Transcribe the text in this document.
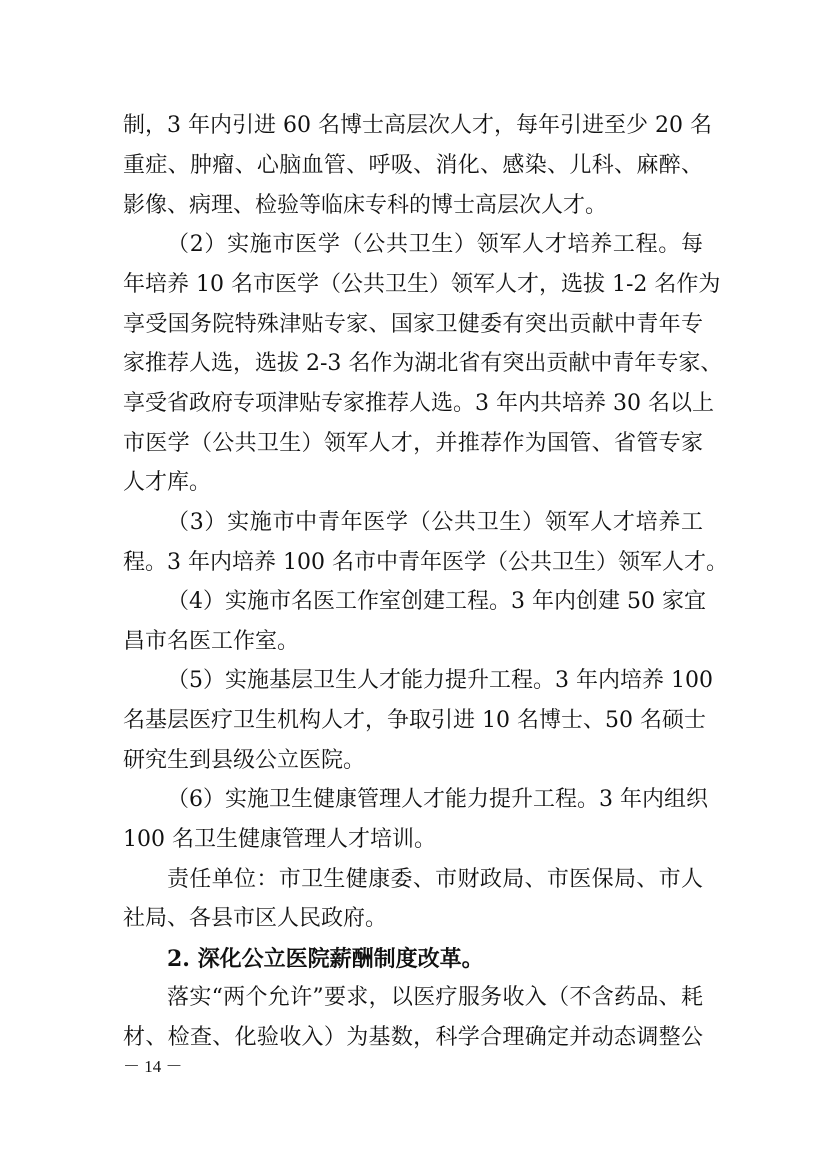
制，3 年内引进 60 名博士高层次人才，每年引进至少 20 名
重症、肿瘤、心脑血管、呼吸、消化、感染、儿科、麻醉、
影像、病理、检验等临床专科的博士高层次人才。
（2）实施市医学（公共卫生）领军人才培养工程。每
年培养 10 名市医学（公共卫生）领军人才，选拔 1-2 名作为
享受国务院特殊津贴专家、国家卫健委有突出贡献中青年专
家推荐人选，选拔 2-3 名作为湖北省有突出贡献中青年专家、
享受省政府专项津贴专家推荐人选。3 年内共培养 30 名以上
市医学（公共卫生）领军人才，并推荐作为国管、省管专家
人才库。
（3）实施市中青年医学（公共卫生）领军人才培养工
程。3 年内培养 100 名市中青年医学（公共卫生）领军人才。
（4）实施市名医工作室创建工程。3 年内创建 50 家宜
昌市名医工作室。
（5）实施基层卫生人才能力提升工程。3 年内培养 100
名基层医疗卫生机构人才，争取引进 10 名博士、50 名硕士
研究生到县级公立医院。
（6）实施卫生健康管理人才能力提升工程。3 年内组织
100 名卫生健康管理人才培训。
责任单位：市卫生健康委、市财政局、市医保局、市人
社局、各县市区人民政府。
2. 深化公立医院薪酬制度改革。
落实“两个允许”要求，以医疗服务收入（不含药品、耗
材、检查、化验收入）为基数，科学合理确定并动态调整公
－ 14 －
